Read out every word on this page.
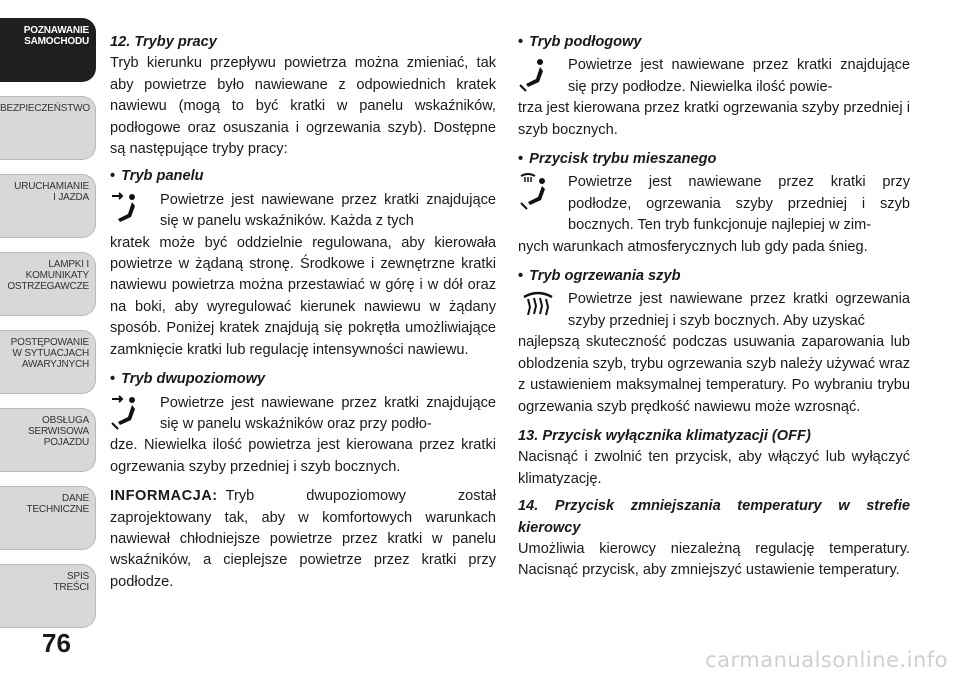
POZNAWANIE
SAMOCHODU
BEZPIECZEŃSTWO
URUCHAMIANIE
I JAZDA
LAMPKI I
KOMUNIKATY
OSTRZEGAWCZE
POSTĘPOWANIE
W SYTUACJACH
AWARYJNYCH
OBSŁUGA
SERWISOWA
POJAZDU
DANE
TECHNICZNE
SPIS
TREŚCI
76

12. Tryby pracy

Tryb kierunku przepływu powietrza można zmieniać, tak aby powietrze było nawiewane z odpowiednich kratek nawiewu (mogą to być kratki w panelu wskaźników, podłogowe oraz osuszania i ogrzewania szyb). Dostępne są następujące tryby pracy:

• Tryb panelu

Powietrze jest nawiewane przez kratki znajdujące się w panelu wskaźników. Każda z tych

kratek może być oddzielnie regulowana, aby kierowała powietrze w żądaną stronę. Środkowe i zewnętrzne kratki nawiewu powietrza można przestawiać w górę i w dół oraz na boki, aby wyregulować kierunek nawiewu w żądany sposób. Poniżej kratek znajdują się pokrętła umożliwiające zamknięcie kratki lub regulację intensywności nawiewu.

• Tryb dwupoziomowy

Powietrze jest nawiewane przez kratki znajdujące się w panelu wskaźników oraz przy podło-

dze. Niewielka ilość powietrza jest kierowana przez kratki ogrzewania szyby przedniej i szyb bocznych.

INFORMACJA: Tryb dwupoziomowy został zaprojektowany tak, aby w komfortowych warunkach nawiewał chłodniejsze powietrze przez kratki w panelu wskaźników, a cieplejsze powietrze przez kratki przy podłodze.

• Tryb podłogowy

Powietrze jest nawiewane przez kratki znajdujące się przy podłodze. Niewielka ilość powie-

trza jest kierowana przez kratki ogrzewania szyby przedniej i szyb bocznych.

• Przycisk trybu mieszanego

Powietrze jest nawiewane przez kratki przy podłodze, ogrzewania szyby przedniej i szyb bocznych. Ten tryb funkcjonuje najlepiej w zim-

nych warunkach atmosferycznych lub gdy pada śnieg.

• Tryb ogrzewania szyb

Powietrze jest nawiewane przez kratki ogrzewania szyby przedniej i szyb bocznych. Aby uzyskać

najlepszą skuteczność podczas usuwania zaparowania lub oblodzenia szyb, trybu ogrzewania szyb należy używać wraz z ustawieniem maksymalnej temperatury. Po wybraniu trybu ogrzewania szyb prędkość nawiewu może wzrosnąć.

13. Przycisk wyłącznika klimatyzacji (OFF)

Nacisnąć i zwolnić ten przycisk, aby włączyć lub wyłączyć klimatyzację.

14. Przycisk zmniejszania temperatury w strefie kierowcy

Umożliwia kierowcy niezależną regulację temperatury. Nacisnąć przycisk, aby zmniejszyć ustawienie temperatury.

carmanualsonline.info
